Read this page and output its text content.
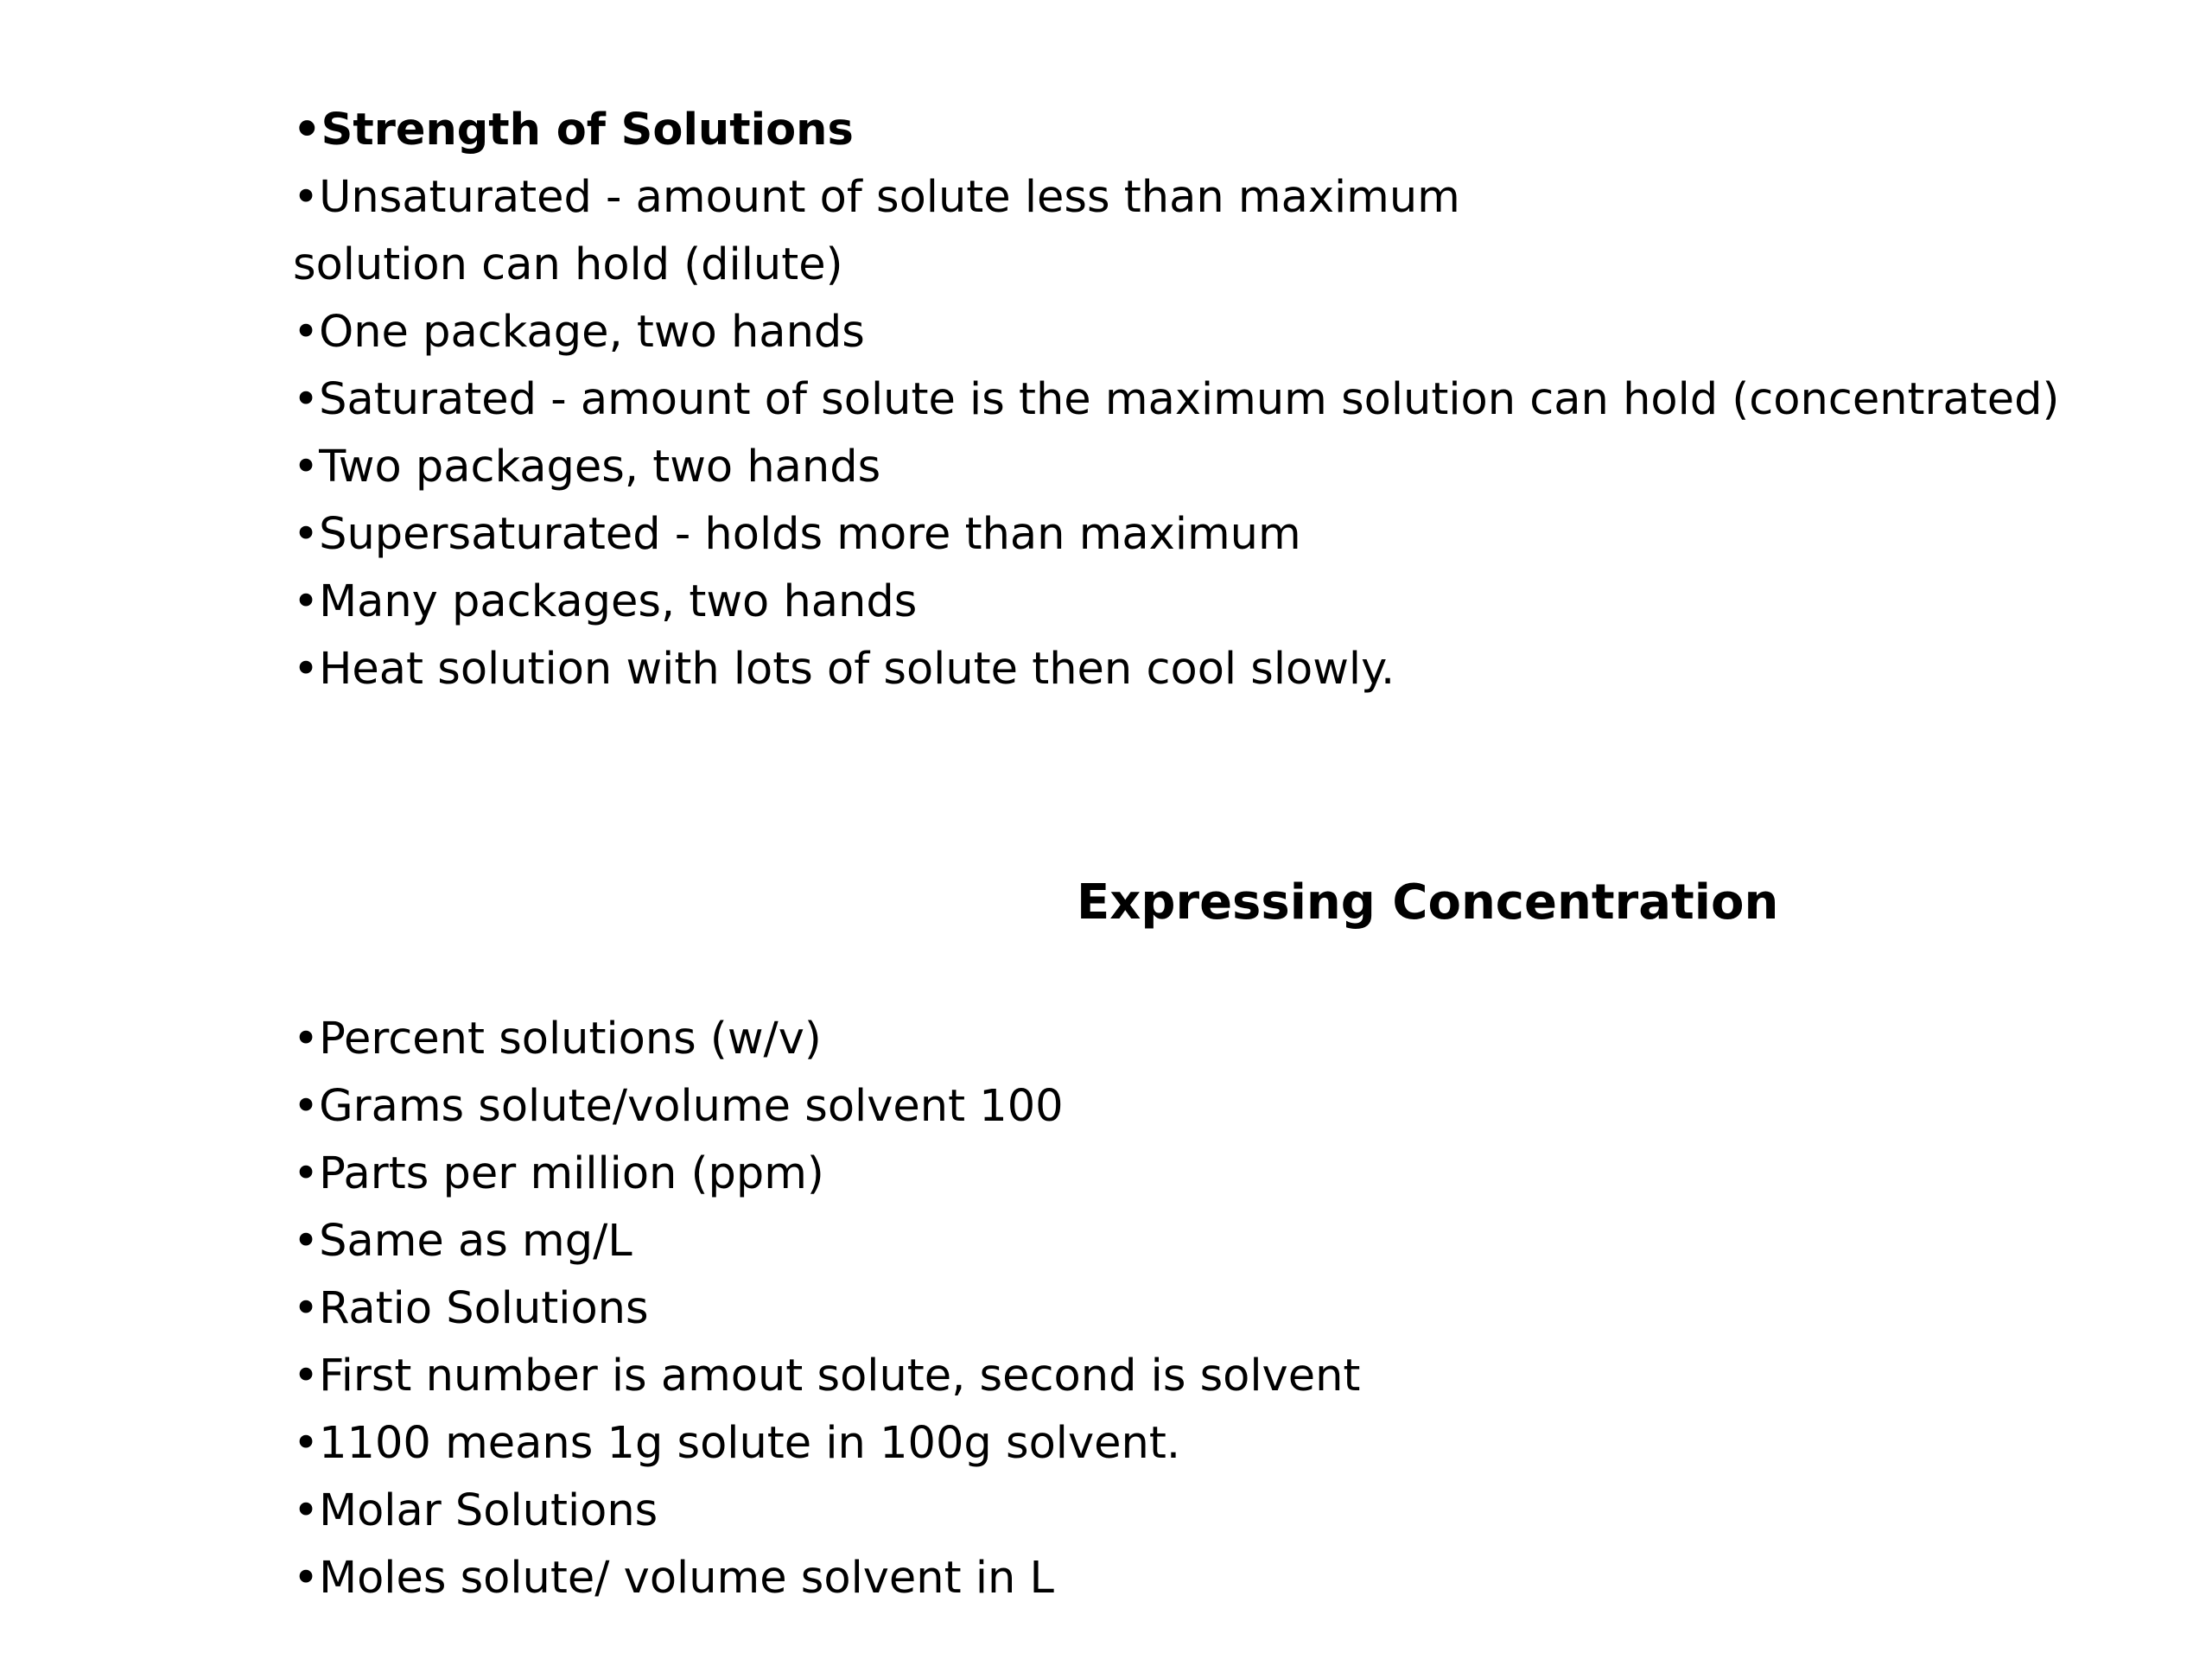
•Strength of Solutions
•Unsaturated - amount of solute less than maximum
solution can hold (dilute)
•One package, two hands
•Saturated - amount of solute is the maximum solution can hold (concentrated)
•Two packages, two hands
•Supersaturated - holds more than maximum
•Many packages, two hands
•Heat solution with lots of solute then cool slowly.
Expressing Concentration
•Percent solutions (w/v)
•Grams solute/volume solvent 100
•Parts per million (ppm)
•Same as mg/L
•Ratio Solutions
•First number is amout solute, second is solvent
•1100 means 1g solute in 100g solvent.
•Molar Solutions
•Moles solute/ volume solvent in L
